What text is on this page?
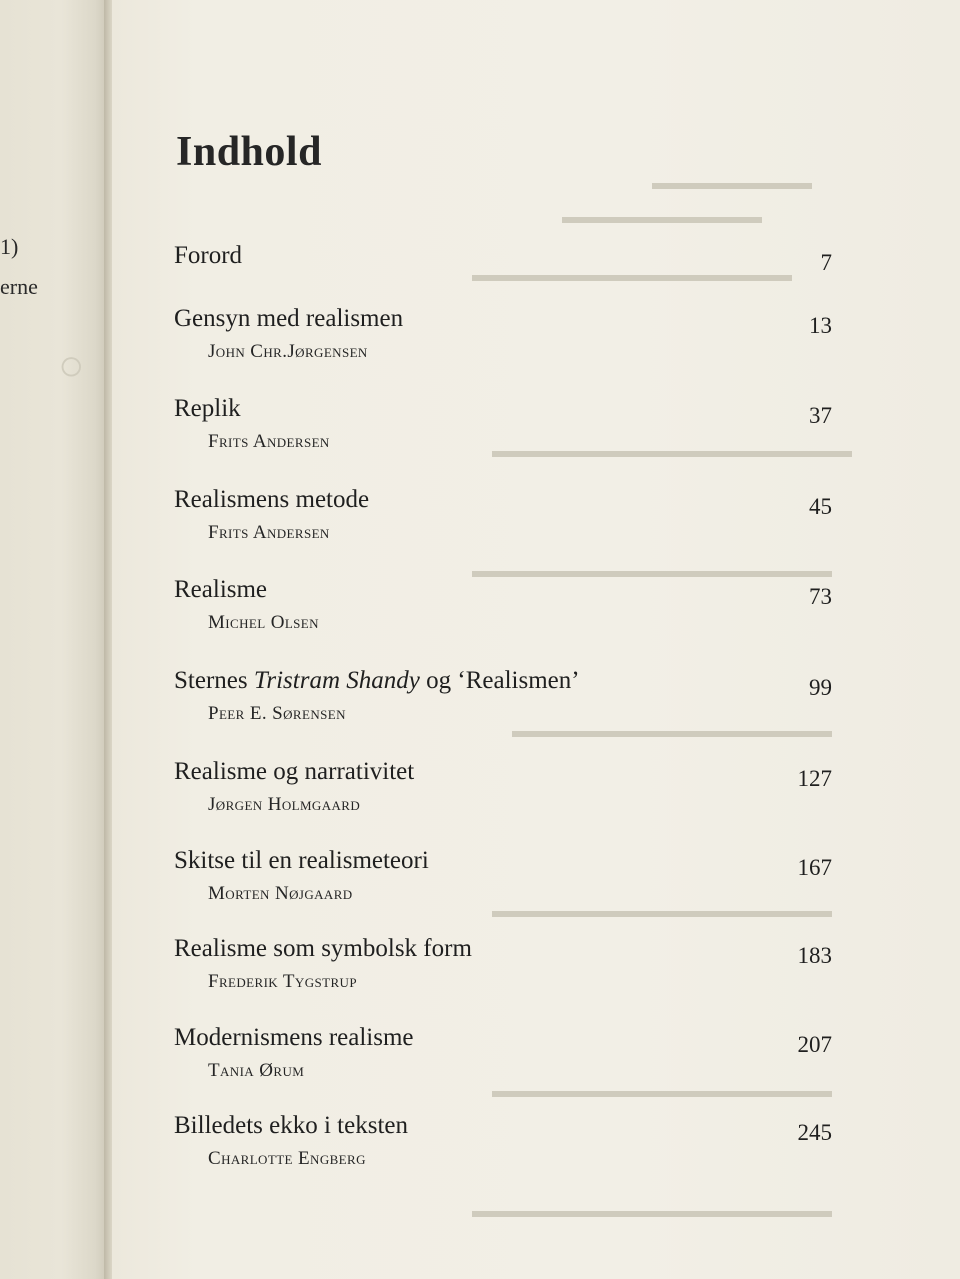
1)
erne
○
▬▬▬▬▬▬▬▬
▬▬▬▬▬▬▬▬▬▬
▬▬▬▬▬▬▬▬▬▬▬▬▬▬▬▬
▬▬▬▬▬▬▬▬▬▬▬▬▬▬▬▬▬▬
▬▬▬▬▬▬▬▬▬▬▬▬▬▬▬▬▬▬
▬▬▬▬▬▬▬▬▬▬▬▬▬▬▬▬
▬▬▬▬▬▬▬▬▬▬▬▬▬▬▬▬▬
▬▬▬▬▬▬▬▬▬▬▬▬▬▬▬▬▬
▬▬▬▬▬▬▬▬▬▬▬▬▬▬▬▬▬▬
Indhold
Forord	7
Gensyn med realismen
John Chr.Jørgensen
13
Replik
Frits Andersen
37
Realismens metode
Frits Andersen
45
Realisme
Michel Olsen
73
Sternes Tristram Shandy og ‘Realismen’
Peer E. Sørensen
99
Realisme og narrativitet
Jørgen Holmgaard
127
Skitse til en realismeteori
Morten Nøjgaard
167
Realisme som symbolsk form
Frederik Tygstrup
183
Modernismens realisme
Tania Ørum
207
Billedets ekko i teksten
Charlotte Engberg
245
